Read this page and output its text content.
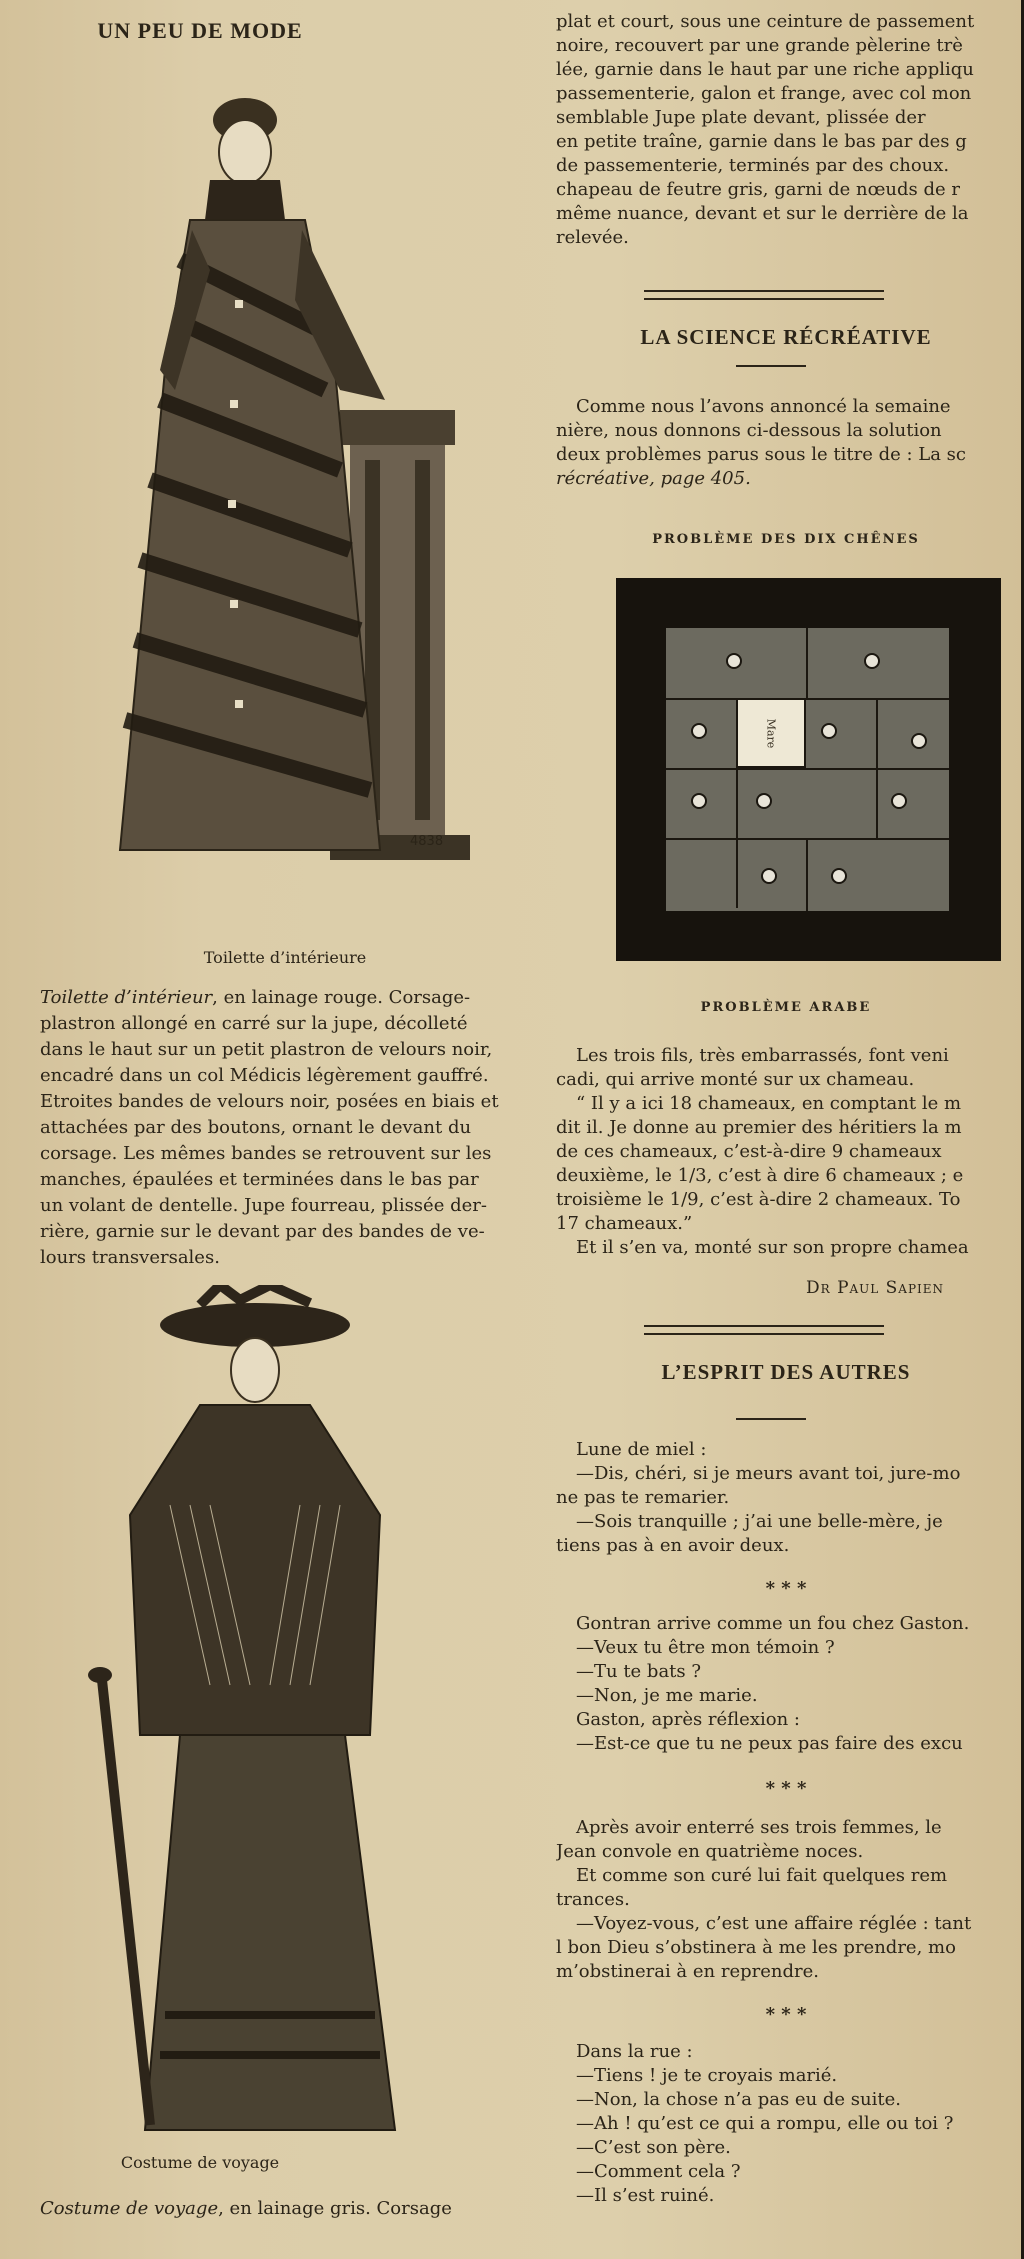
UN PEU DE MODE
4838
Toilette d’intérieure

Toilette d’intérieur, en lainage rouge. Corsage-
plastron allongé en carré sur la jupe, décolleté
dans le haut sur un petit plastron de velours noir,
encadré dans un col Médicis légèrement gauffré.
Etroites bandes de velours noir, posées en biais et
attachées par des boutons, ornant le devant du
corsage. Les mêmes bandes se retrouvent sur les
manches, épaulées et terminées dans le bas par
un volant de dentelle. Jupe fourreau, plissée der-
rière, garnie sur le devant par des bandes de ve-
lours transversales.

Costume de voyage

Costume de voyage, en lainage gris. Corsage

plat et court, sous une ceinture de passement
noire, recouvert par une grande pèlerine trè
lée, garnie dans le haut par une riche appliqu
passementerie, galon et frange, avec col mon
semblable Jupe plate devant, plissée der
en petite traîne, garnie dans le bas par des g
de passementerie, terminés par des choux.
chapeau de feutre gris, garni de nœuds de r
même nuance, devant et sur le derrière de la
relevée.
LA SCIENCE RÉCRÉATIVE
Comme nous l’avons annoncé la semaine
nière, nous donnons ci-dessous la solution
deux problèmes parus sous le titre de : La sc
récréative, page 405.
PROBLÈME DES DIX CHÊNES
Mare
PROBLÈME ARABE
Les trois fils, très embarrassés, font veni
cadi, qui arrive monté sur ux chameau.
“ Il y a ici 18 chameaux, en comptant le m
dit il. Je donne au premier des héritiers la m
de ces chameaux, c’est-à-dire 9 chameaux
deuxième, le 1/3, c’est à dire 6 chameaux ; e
troisième le 1/9, c’est à-dire 2 chameaux. To
17 chameaux.”
Et il s’en va, monté sur son propre chamea
Dr Paul Sapien
L’ESPRIT DES AUTRES
Lune de miel :
—Dis, chéri, si je meurs avant toi, jure-mo
ne pas te remarier.
—Sois tranquille ; j’ai une belle-mère, je
tiens pas à en avoir deux.
* * *
Gontran arrive comme un fou chez Gaston.
—Veux tu être mon témoin ?
—Tu te bats ?
—Non, je me marie.
Gaston, après réflexion :
—Est-ce que tu ne peux pas faire des excu
* * *
Après avoir enterré ses trois femmes, le
Jean convole en quatrième noces.
Et comme son curé lui fait quelques rem
trances.
—Voyez-vous, c’est une affaire réglée : tant
l bon Dieu s’obstinera à me les prendre, mo
m’obstinerai à en reprendre.
* * *
Dans la rue :
—Tiens ! je te croyais marié.
—Non, la chose n’a pas eu de suite.
—Ah ! qu’est ce qui a rompu, elle ou toi ?
—C’est son père.
—Comment cela ?
—Il s’est ruiné.
